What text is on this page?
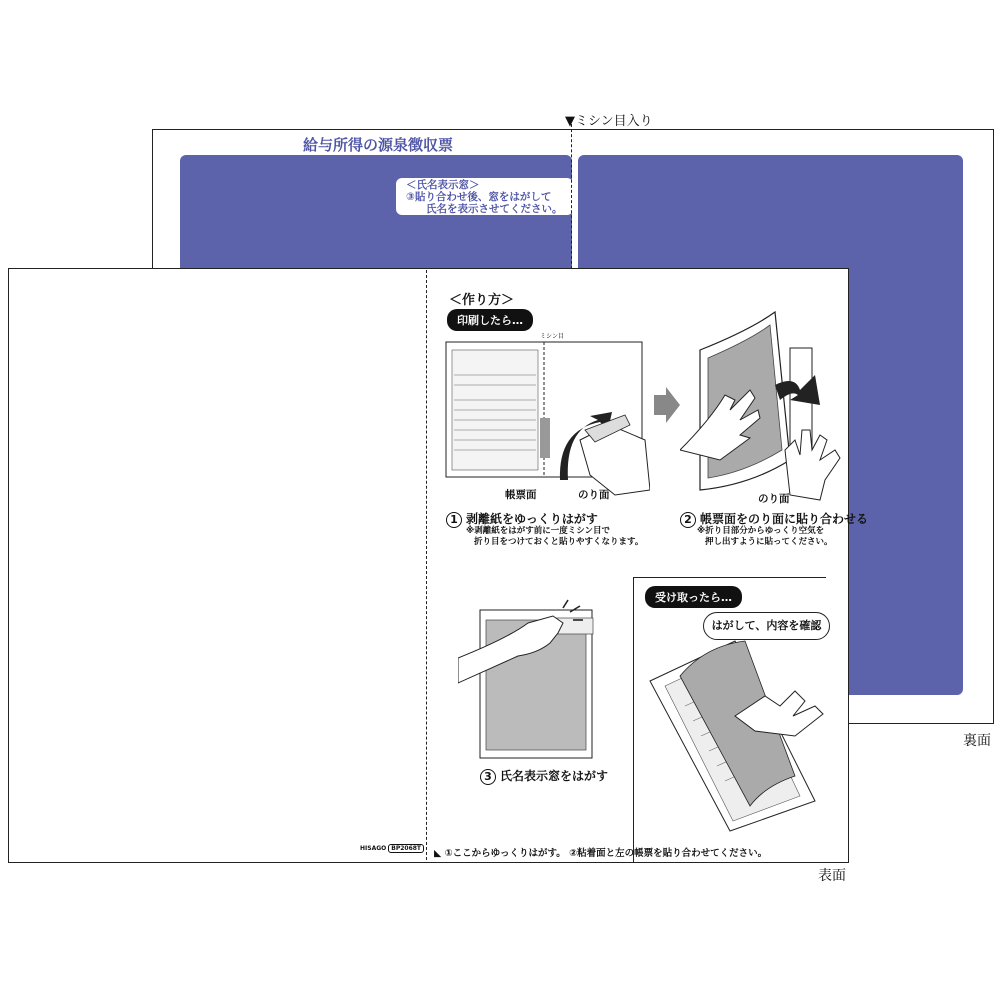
給与所得の源泉徴収票
＜氏名表示窓＞
③貼り合わせ後、窓をはがして
氏名を表示させてください。
▼ミシン目入り
裏面
表面
＜作り方＞
印刷したら…
ミシン目
帳票面	のり面	のり面
1 剥離紙をゆっくりはがす
※剥離紙をはがす前に一度ミシン目で
折り目をつけておくと貼りやすくなります。
2 帳票面をのり面に貼り合わせる
※折り目部分からゆっくり空気を
押し出すように貼ってください。
3 氏名表示窓をはがす
受け取ったら…
はがして、内容を確認
HISAGO BP2068T	◣ ①ここからゆっくりはがす。 ②粘着面と左の帳票を貼り合わせてください。
